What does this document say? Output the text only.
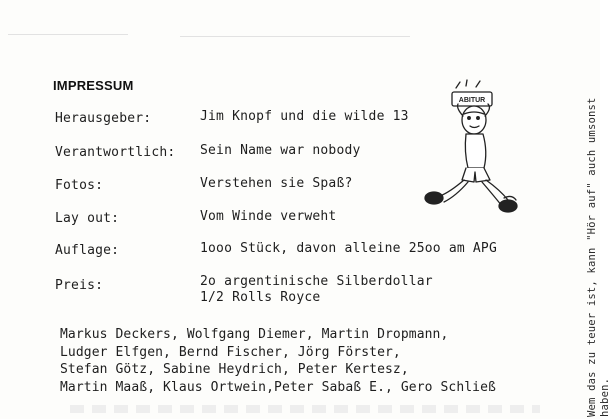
IMPRESSUM
Herausgeber:	Jim Knopf und die wilde 13
Verantwortlich: Sein Name war nobody
Fotos:	Verstehen sie Spaß?
Lay out:	Vom Winde verweht
Auflage:	1ooo Stück, davon alleine 25oo am APG
Preis:	2o argentinische Silberdollar
1/2 Rolls Royce
Markus Deckers, Wolfgang Diemer, Martin Dropmann,
Ludger Elfgen, Bernd Fischer, Jörg Förster,
Stefan Götz, Sabine Heydrich, Peter Kertesz,
Martin Maaß, Klaus Ortwein,Peter Sabaß E., Gero Schließ	Wem das zu teuer ist, kann "Hör auf" auch umsonst haben.
ABITUR
